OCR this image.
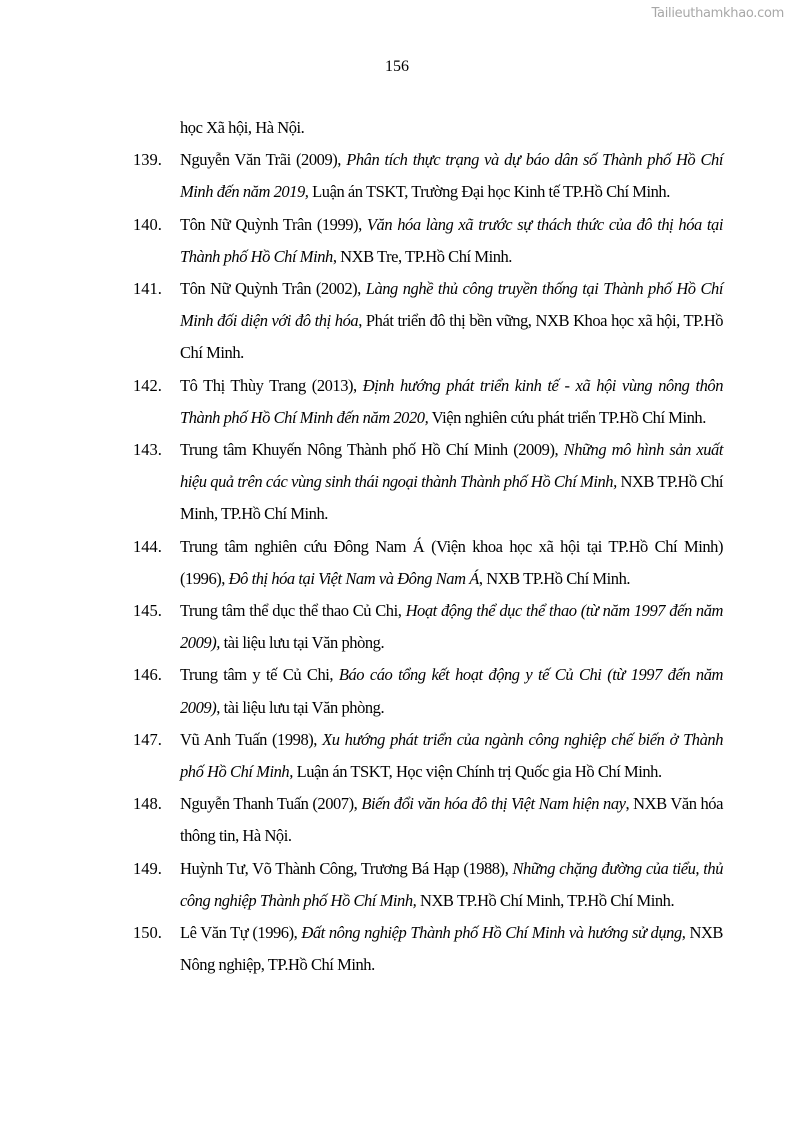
Tailieuthamkhao.com
156
học Xã hội, Hà Nội.
139.	Nguyễn Văn Trãi (2009), Phân tích thực trạng và dự báo dân số Thành phố Hồ Chí Minh đến năm 2019, Luận án TSKT, Trường Đại học Kinh tế TP.Hồ Chí Minh.
140.	Tôn Nữ Quỳnh Trân (1999), Văn hóa làng xã trước sự thách thức của đô thị hóa tại Thành phố Hồ Chí Minh, NXB Tre, TP.Hồ Chí Minh.
141.	Tôn Nữ Quỳnh Trân (2002), Làng nghề thủ công truyền thống tại Thành phố Hồ Chí Minh đối diện với đô thị hóa, Phát triển đô thị bền vững, NXB Khoa học xã hội, TP.Hồ Chí Minh.
142.	Tô Thị Thùy Trang (2013), Định hướng phát triển kinh tế - xã hội vùng nông thôn Thành phố Hồ Chí Minh đến năm 2020, Viện nghiên cứu phát triển TP.Hồ Chí Minh.
143.	Trung tâm Khuyến Nông Thành phố Hồ Chí Minh (2009), Những mô hình sản xuất hiệu quả trên các vùng sinh thái ngoại thành Thành phố Hồ Chí Minh, NXB TP.Hồ Chí Minh, TP.Hồ Chí Minh.
144.	Trung tâm nghiên cứu Đông Nam Á (Viện khoa học xã hội tại TP.Hồ Chí Minh) (1996), Đô thị hóa tại Việt Nam và Đông Nam Á, NXB TP.Hồ Chí Minh.
145.	Trung tâm thể dục thể thao Củ Chi, Hoạt động thể dục thể thao (từ năm 1997 đến năm 2009), tài liệu lưu tại Văn phòng.
146.	Trung tâm y tế Củ Chi, Báo cáo tổng kết hoạt động y tế Củ Chi (từ 1997 đến năm 2009), tài liệu lưu tại Văn phòng.
147.	Vũ Anh Tuấn (1998), Xu hướng phát triển của ngành công nghiệp chế biến ở Thành phố Hồ Chí Minh, Luận án TSKT, Học viện Chính trị Quốc gia Hồ Chí Minh.
148.	Nguyễn Thanh Tuấn (2007), Biến đổi văn hóa đô thị Việt Nam hiện nay, NXB Văn hóa thông tin, Hà Nội.
149.	Huỳnh Tư, Võ Thành Công, Trương Bá Hạp (1988), Những chặng đường của tiểu, thủ công nghiệp Thành phố Hồ Chí Minh, NXB TP.Hồ Chí Minh, TP.Hồ Chí Minh.
150.	Lê Văn Tự (1996), Đất nông nghiệp Thành phố Hồ Chí Minh và hướng sử dụng, NXB Nông nghiệp, TP.Hồ Chí Minh.
